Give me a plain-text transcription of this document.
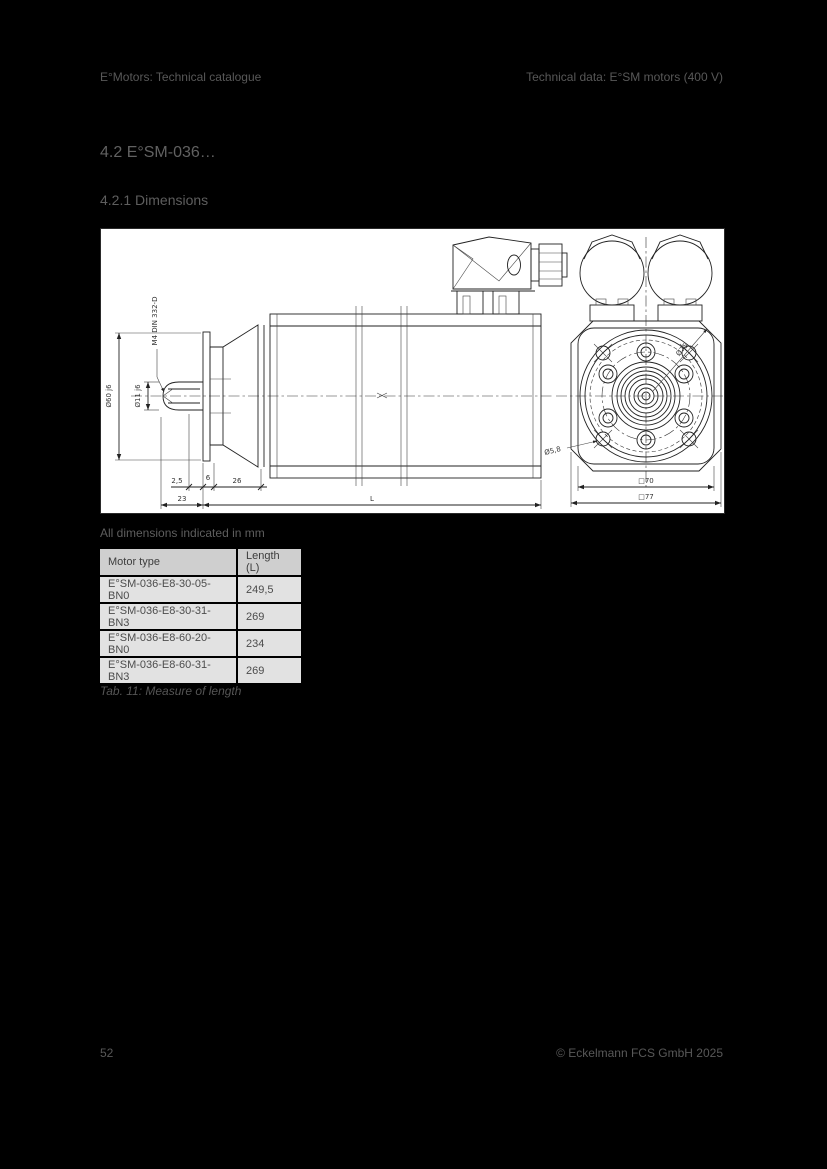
E°Motors: Technical catalogue	Technical data: E°SM motors (400 V)
4.2 E°SM-036…
4.2.1 Dimensions
Ø60 j6	Ø11 j6
M4 DIN 332-D
2,5	6	26
23	L
Ø75
Ø5,8
□70
□77
All dimensions indicated in mm
Motor type	Length (L)
E°SM-036-E8-30-05-BN0	249,5
E°SM-036-E8-30-31-BN3	269
E°SM-036-E8-60-20-BN0	234
E°SM-036-E8-60-31-BN3	269
Tab. 11: Measure of length
52	© Eckelmann FCS GmbH 2025
